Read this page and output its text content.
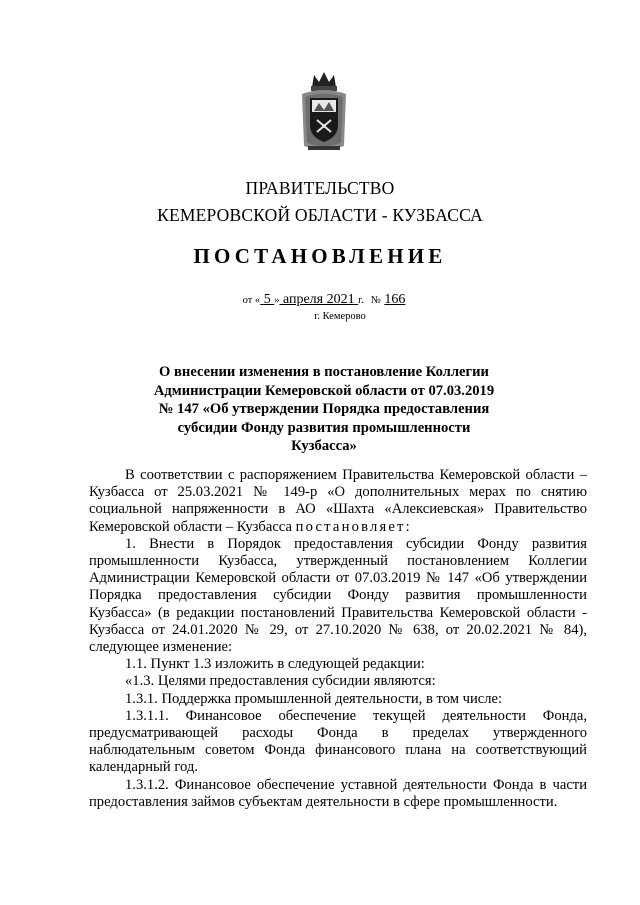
ПРАВИТЕЛЬСТВО
КЕМЕРОВСКОЙ ОБЛАСТИ - КУЗБАССА
ПОСТАНОВЛЕНИЕ
от « 5 » апреля 2021 г. № 166
г. Кемерово
О внесении изменения в постановление Коллегии
Администрации Кемеровской области от 07.03.2019
№ 147 «Об утверждении Порядка предоставления
субсидии Фонду развития промышленности Кузбасса»

В соответствии с распоряжением Правительства Кемеровской области – Кузбасса от 25.03.2021 № 149-р «О дополнительных мерах по снятию социальной напряженности в АО «Шахта «Алексиевская» Правительство Кемеровской области – Кузбасса постановляет:

1. Внести в Порядок предоставления субсидии Фонду развития промышленности Кузбасса, утвержденный постановлением Коллегии Администрации Кемеровской области от 07.03.2019 № 147 «Об утверждении Порядка предоставления субсидии Фонду развития промышленности Кузбасса» (в редакции постановлений Правительства Кемеровской области - Кузбасса от 24.01.2020 № 29, от 27.10.2020 № 638, от 20.02.2021 № 84), следующее изменение:

1.1. Пункт 1.3 изложить в следующей редакции:

«1.3. Целями предоставления субсидии являются:

1.3.1. Поддержка промышленной деятельности, в том числе:

1.3.1.1. Финансовое обеспечение текущей деятельности Фонда, предусматривающей расходы Фонда в пределах утвержденного наблюдательным советом Фонда финансового плана на соответствующий календарный год.

1.3.1.2. Финансовое обеспечение уставной деятельности Фонда в части предоставления займов субъектам деятельности в сфере промышленности.
